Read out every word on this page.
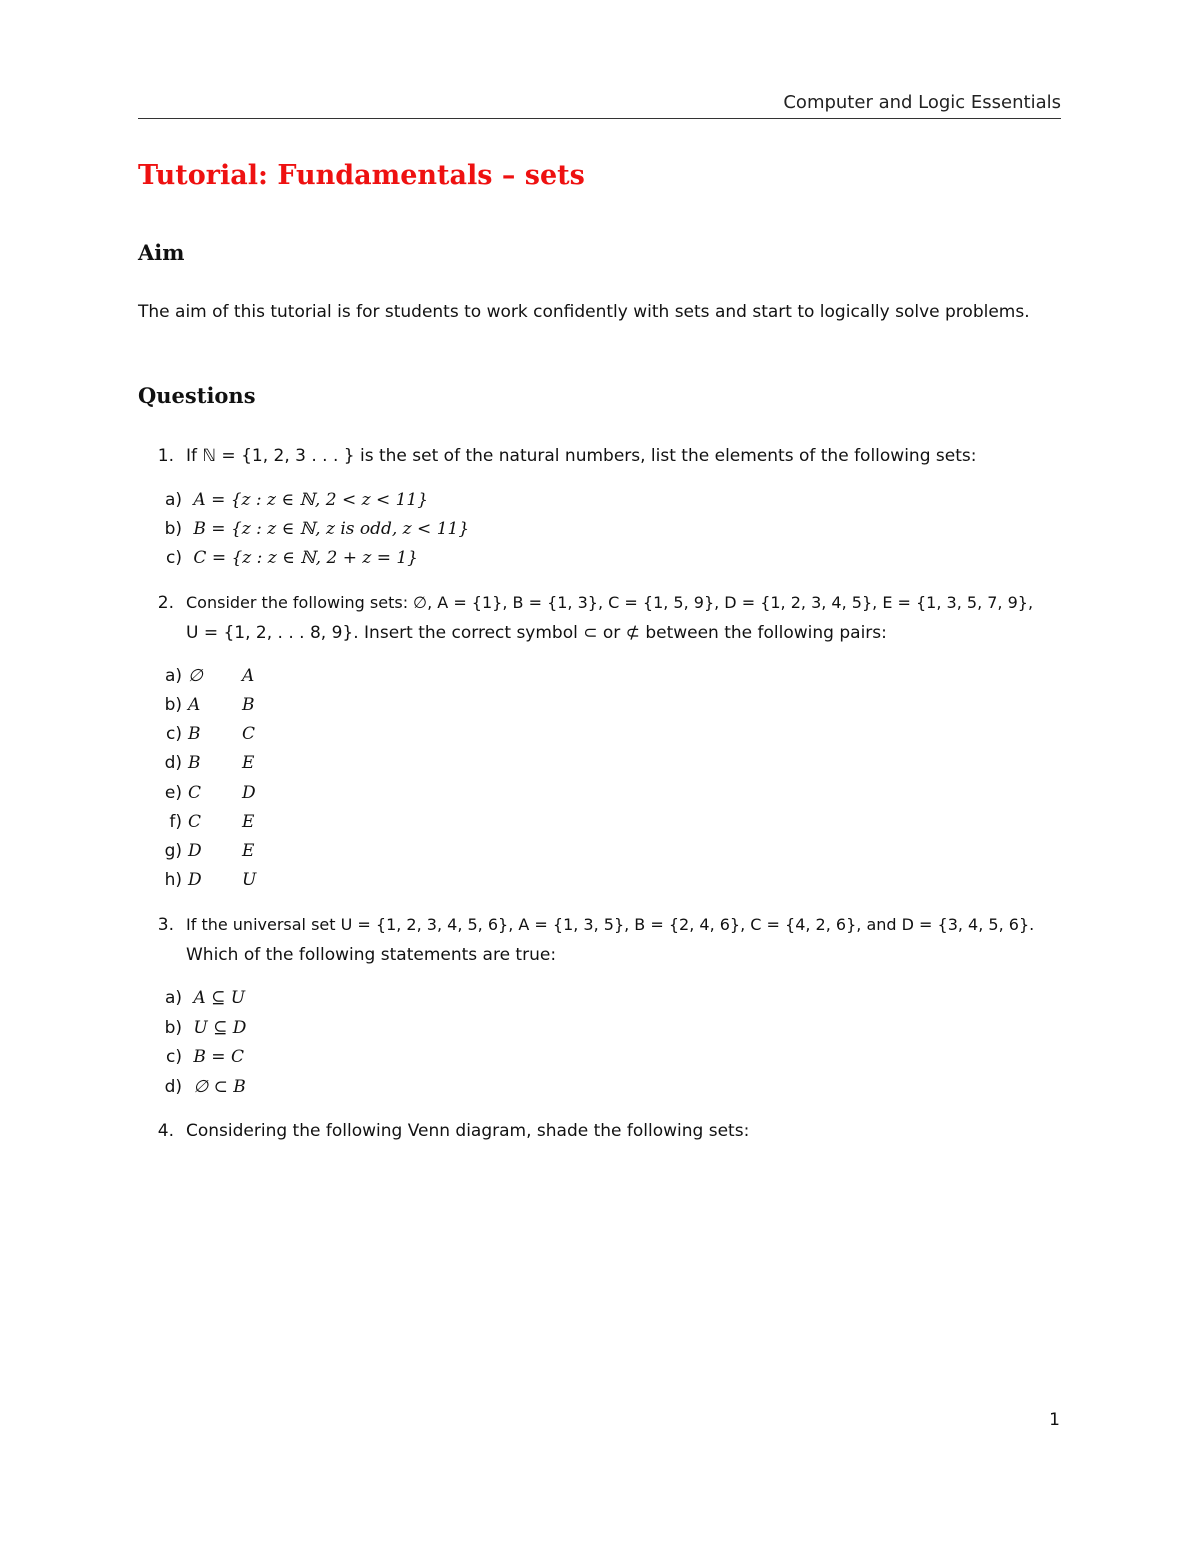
Computer and Logic Essentials
Tutorial: Fundamentals – sets
Aim
The aim of this tutorial is for students to work confidently with sets and start to logically solve problems.
Questions
1. If ℕ = {1, 2, 3 . . . } is the set of the natural numbers, list the elements of the following sets:
a) A = {z : z ∈ ℕ, 2 < z < 11}
b) B = {z : z ∈ ℕ, z is odd, z < 11}
c) C = {z : z ∈ ℕ, 2 + z = 1}
2. Consider the following sets: ∅, A = {1}, B = {1, 3}, C = {1, 5, 9}, D = {1, 2, 3, 4, 5}, E = {1, 3, 5, 7, 9},
U = {1, 2, . . . 8, 9}. Insert the correct symbol ⊂ or ⊄ between the following pairs:
a) ∅ A
b) A B
c) B C
d) B E
e) C D
f) C E
g) D E
h) D U
3. If the universal set U = {1, 2, 3, 4, 5, 6}, A = {1, 3, 5}, B = {2, 4, 6}, C = {4, 2, 6}, and D = {3, 4, 5, 6}.
Which of the following statements are true:
a) A ⊆ U
b) U ⊆ D
c) B = C
d) ∅ ⊂ B
4. Considering the following Venn diagram, shade the following sets:
1
